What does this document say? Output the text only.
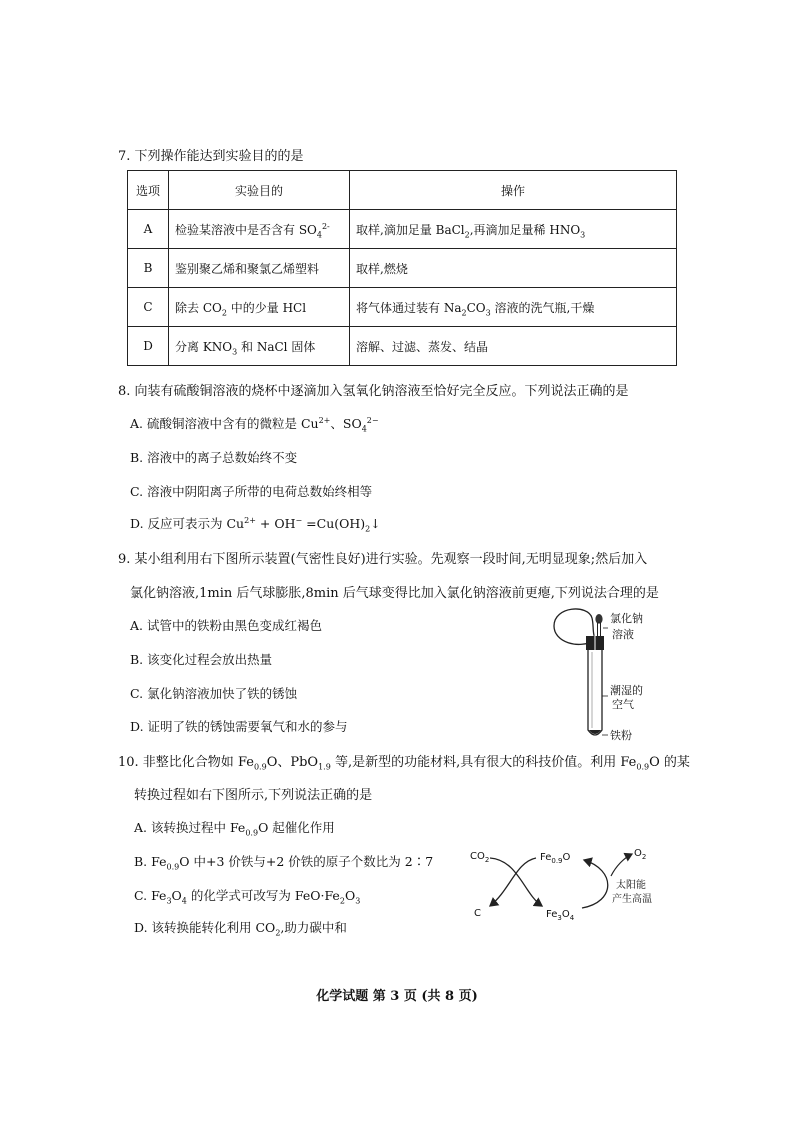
7. 下列操作能达到实验目的的是
选项	实验目的	操作
A	检验某溶液中是否含有 $SO_4^{2-}$	取样,滴加足量 BaCl$_2$,再滴加足量稀 $HNO_3$
B	鉴别聚乙烯和聚氯乙烯塑料	取样,燃烧
C	除去 $CO_2$ 中的少量 HCl	将气体通过装有 $Na_2CO_3$ 溶液的洗气瓶,干燥
D	分离 $KNO_3$ 和 NaCl 固体	溶解、过滤、蒸发、结晶
8. 向装有硫酸铜溶液的烧杯中逐滴加入氢氧化钠溶液至恰好完全反应。下列说法正确的是
A. 硫酸铜溶液中含有的微粒是 $Cu^{2+}$、$SO_4^{2-}$
B. 溶液中的离子总数始终不变
C. 溶液中阴阳离子所带的电荷总数始终相等
D. 反应可表示为 $Cu^{2+} + OH^-$ $=Cu(OH)_2↓$
9. 某小组利用右下图所示装置(气密性良好)进行实验。先观察一段时间,无明显现象;然后加入
氯化钠溶液,1min 后气球膨胀,8min 后气球变得比加入氯化钠溶液前更瘪,下列说法合理的是
A. 试管中的铁粉由黑色变成红褐色
B. 该变化过程会放出热量
C. 氯化钠溶液加快了铁的锈蚀
D. 证明了铁的锈蚀需要氧气和水的参与
氯化钠
溶液
潮湿的
空气
铁粉
10. 非整比化合物如 $Fe_{0.9}O$、PbO$_{1.9}$ 等,是新型的功能材料,具有很大的科技价值。利用 $Fe_{0.9}O$ 的某
转换过程如右下图所示,下列说法正确的是
A. 该转换过程中 $Fe_{0.9}O$ 起催化作用
B. $Fe_{0.9}O$ 中+3 价铁与+2 价铁的原子个数比为 2∶7
C. $Fe_3O_4$ 的化学式可改写为 $FeO\cdot Fe_2O_3$
D. 该转换能转化利用 $CO_2$,助力碳中和
$CO_2$
C
$Fe_{0.9}O$
$Fe_3O_4$
$O_2$
太阳能
产生高温
化学试题 第 3 页 (共 8 页)
